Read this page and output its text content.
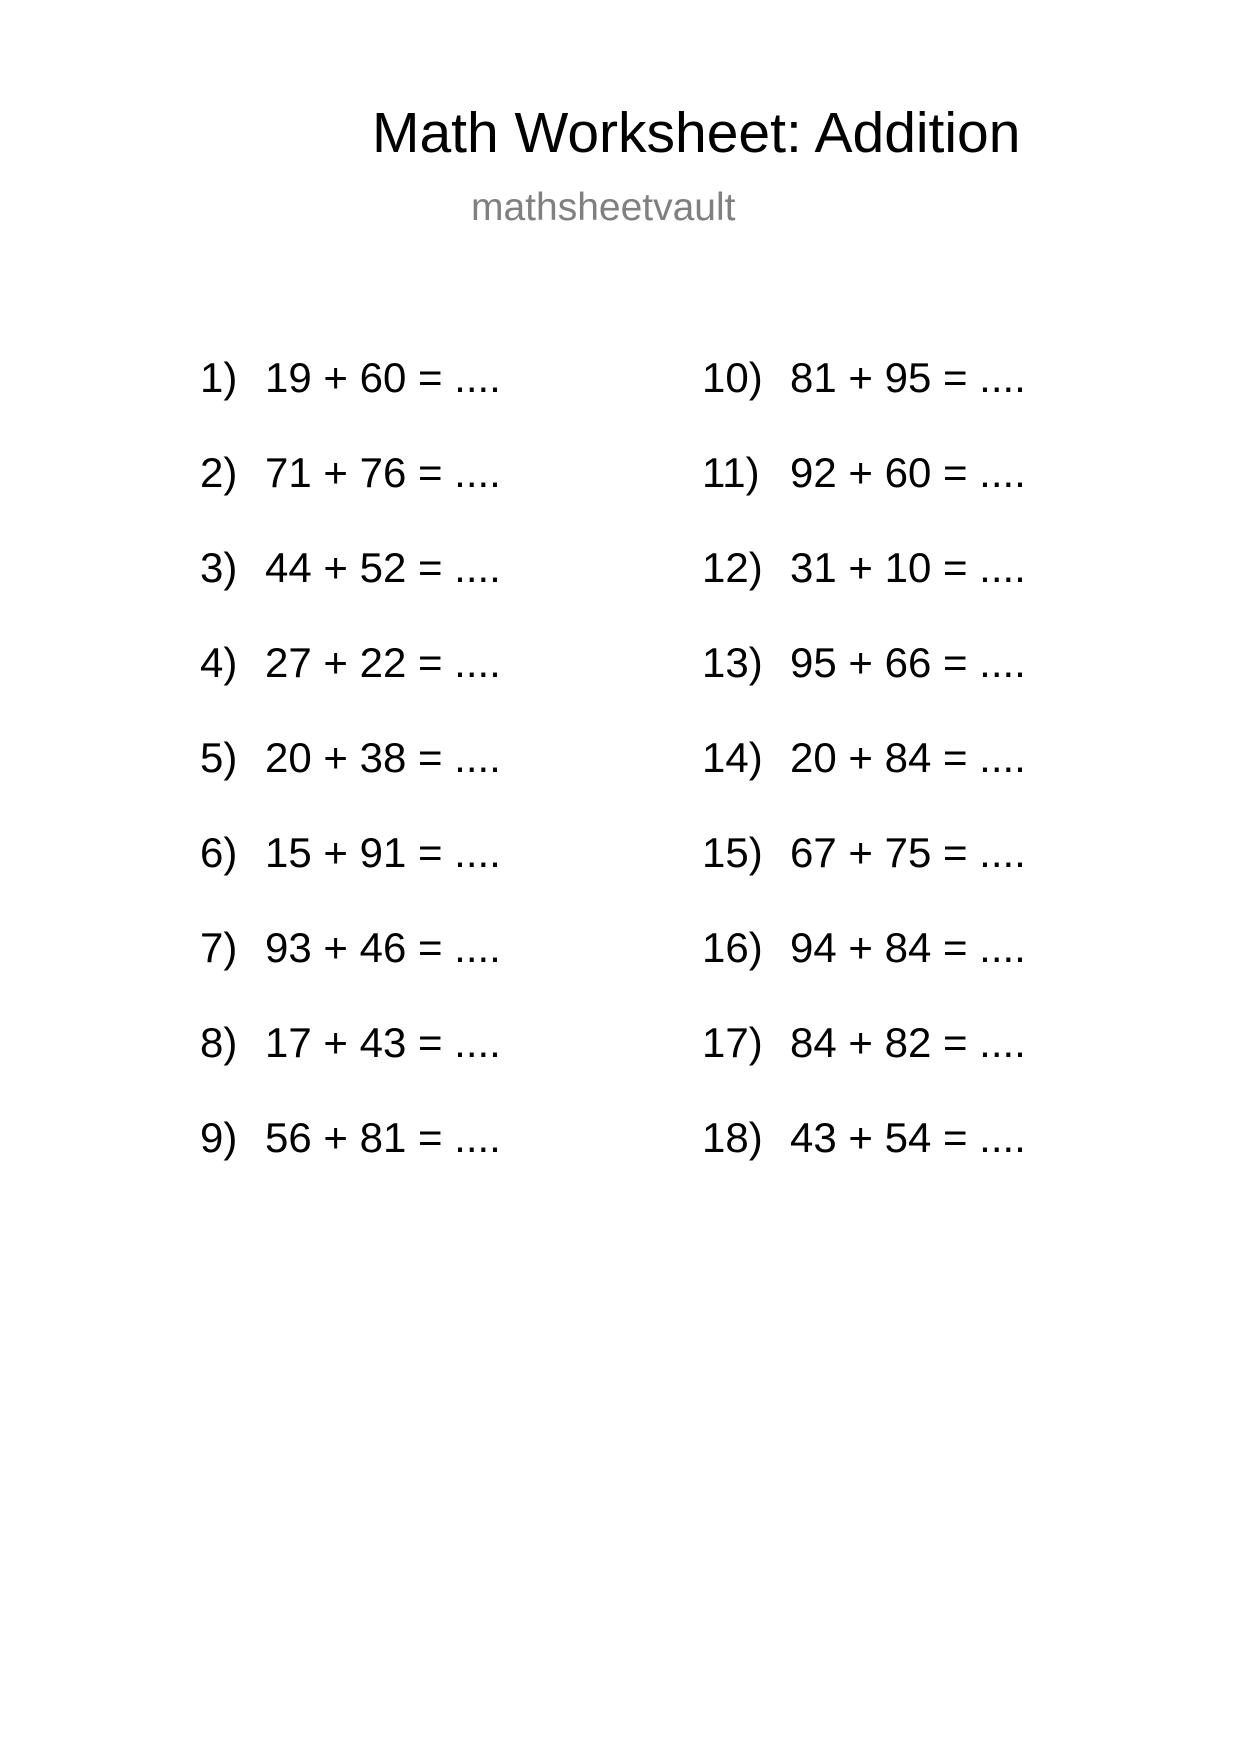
Math Worksheet: Addition
mathsheetvault
1) 19 + 60 = ....
2) 71 + 76 = ....
3) 44 + 52 = ....
4) 27 + 22 = ....
5) 20 + 38 = ....
6) 15 + 91 = ....
7) 93 + 46 = ....
8) 17 + 43 = ....
9) 56 + 81 = ....
10) 81 + 95 = ....
11) 92 + 60 = ....
12) 31 + 10 = ....
13) 95 + 66 = ....
14) 20 + 84 = ....
15) 67 + 75 = ....
16) 94 + 84 = ....
17) 84 + 82 = ....
18) 43 + 54 = ....
